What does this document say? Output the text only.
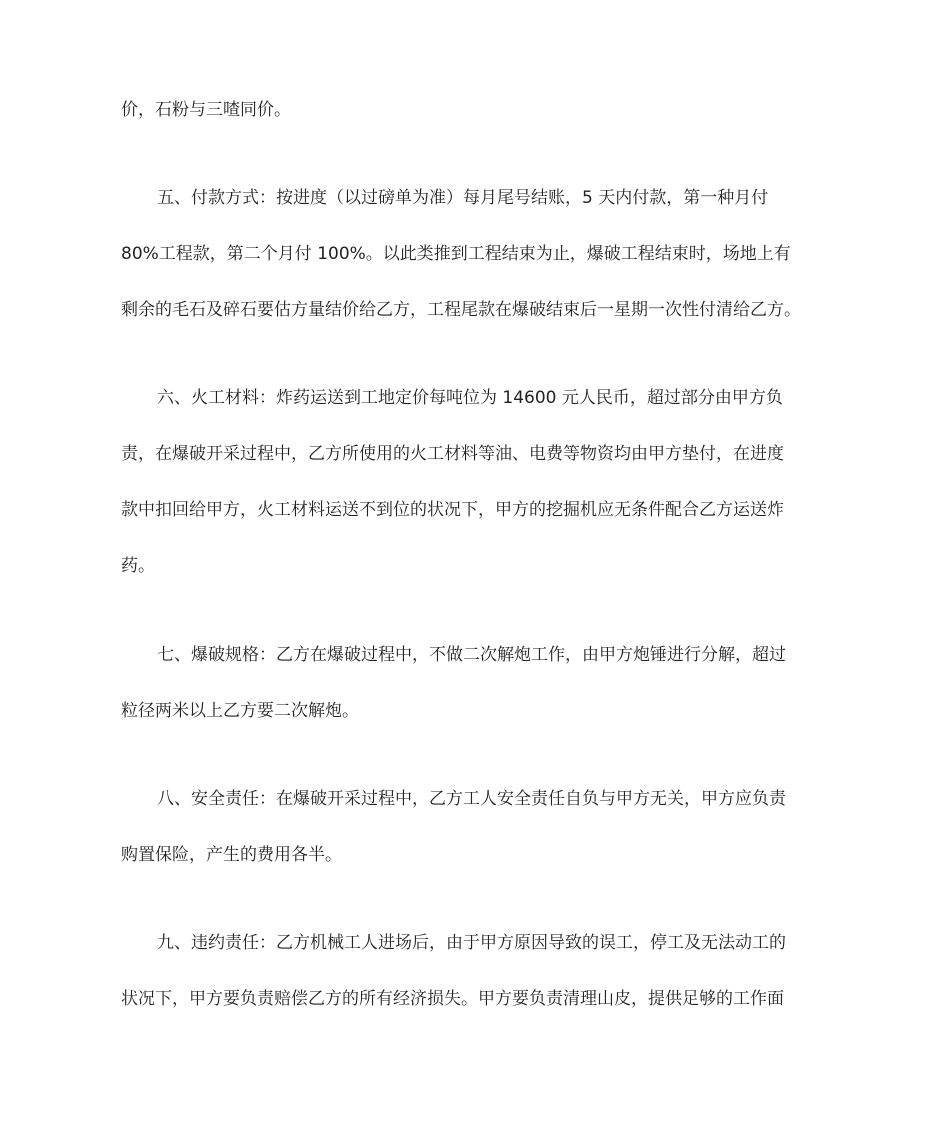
价，石粉与三喳同价。
五、付款方式：按进度（以过磅单为准）每月尾号结账，5 天内付款，第一种月付
80%工程款，第二个月付 100%。以此类推到工程结束为止，爆破工程结束时，场地上有
剩余的毛石及碎石要估方量结价给乙方，工程尾款在爆破结束后一星期一次性付清给乙方。
六、火工材料：炸药运送到工地定价每吨位为 14600 元人民币，超过部分由甲方负
责，在爆破开采过程中，乙方所使用的火工材料等油、电费等物资均由甲方垫付，在进度
款中扣回给甲方，火工材料运送不到位的状况下，甲方的挖掘机应无条件配合乙方运送炸
药。
七、爆破规格：乙方在爆破过程中，不做二次解炮工作，由甲方炮锤进行分解，超过
粒径两米以上乙方要二次解炮。
八、安全责任：在爆破开采过程中，乙方工人安全责任自负与甲方无关，甲方应负责
购置保险，产生的费用各半。
九、违约责任：乙方机械工人进场后，由于甲方原因导致的误工，停工及无法动工的
状况下，甲方要负责赔偿乙方的所有经济损失。甲方要负责清理山皮，提供足够的工作面
